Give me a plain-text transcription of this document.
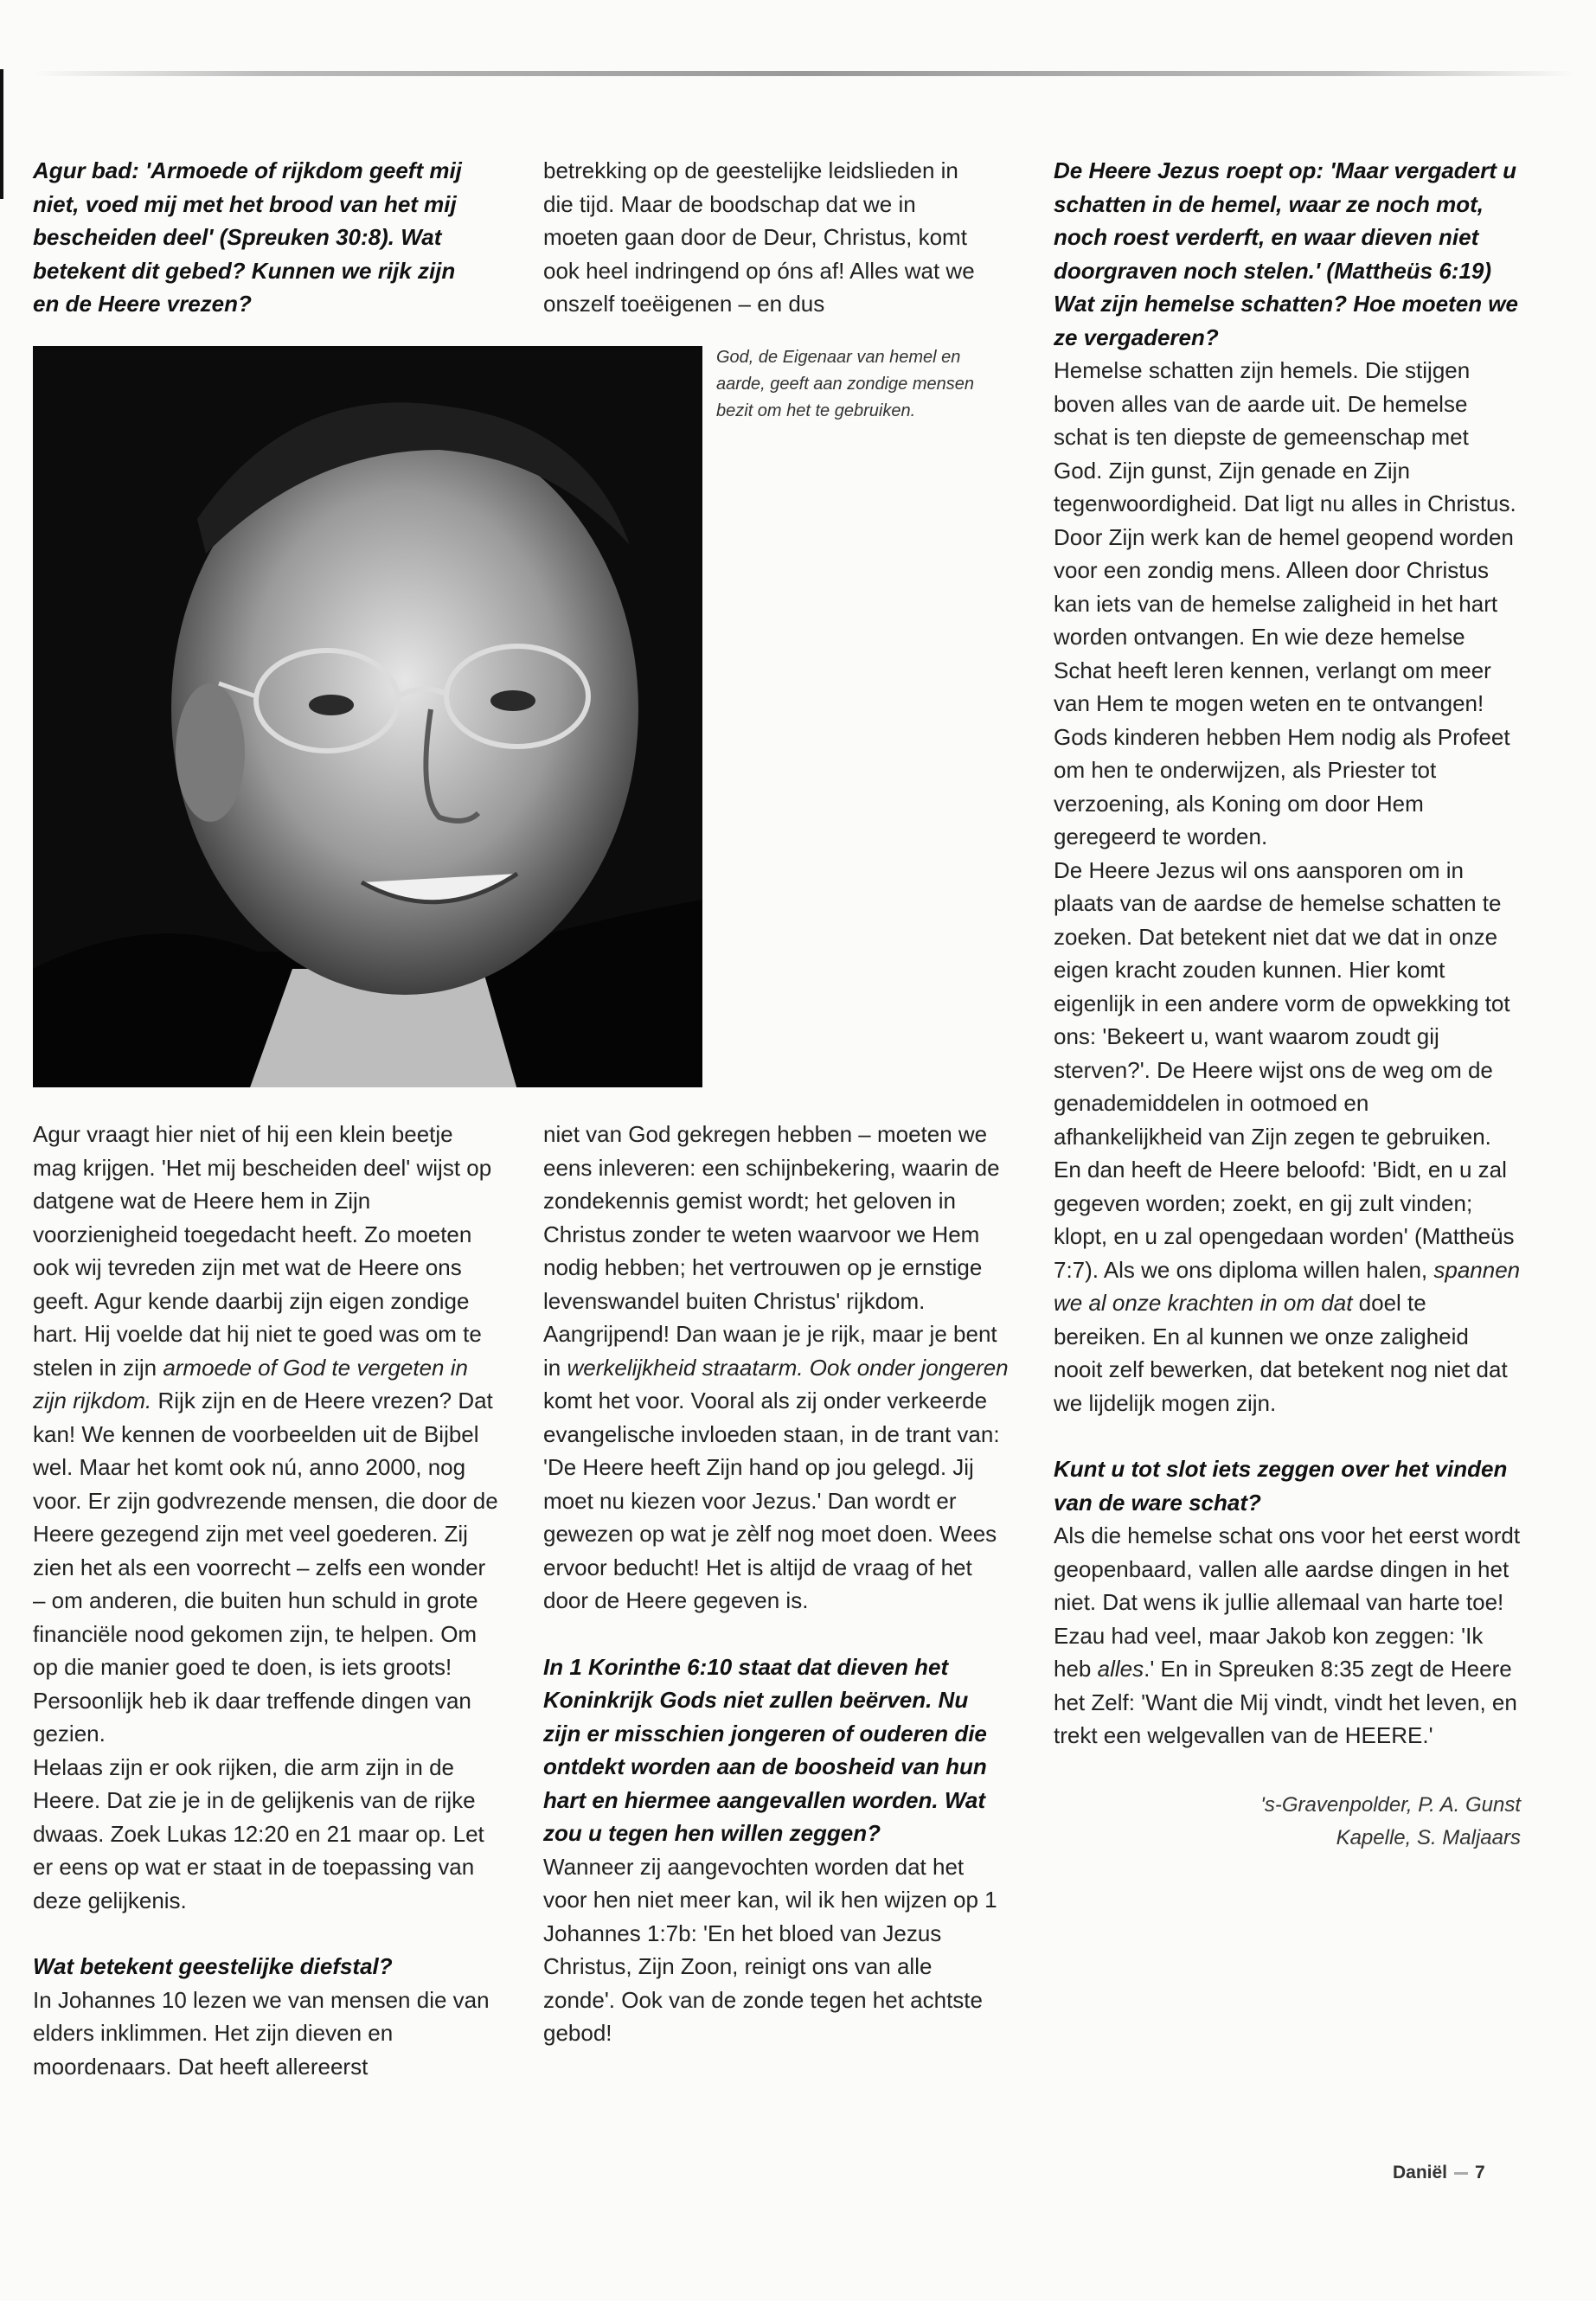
Agur bad: 'Armoede of rijkdom geeft mij niet, voed mij met het brood van het mij bescheiden deel' (Spreuken 30:8). Wat betekent dit gebed? Kunnen we rijk zijn en de Heere vrezen?

betrekking op de geestelijke leidslieden in die tijd. Maar de boodschap dat we in moeten gaan door de Deur, Christus, komt ook heel indringend op óns af! Alles wat we onszelf toeëigenen – en dus

God, de Eigenaar van hemel en aarde, geeft aan zondige mensen bezit om het te gebruiken.

Agur vraagt hier niet of hij een klein beetje mag krijgen. 'Het mij bescheiden deel' wijst op datgene wat de Heere hem in Zijn voorzienigheid toegedacht heeft. Zo moeten ook wij tevreden zijn met wat de Heere ons geeft. Agur kende daarbij zijn eigen zondige hart. Hij voelde dat hij niet te goed was om te stelen in zijn armoede of God te vergeten in zijn rijkdom. Rijk zijn en de Heere vrezen? Dat kan! We kennen de voorbeelden uit de Bijbel wel. Maar het komt ook nú, anno 2000, nog voor. Er zijn godvrezende mensen, die door de Heere gezegend zijn met veel goederen. Zij zien het als een voorrecht – zelfs een wonder – om anderen, die buiten hun schuld in grote financiële nood gekomen zijn, te helpen. Om op die manier goed te doen, is iets groots! Persoonlijk heb ik daar treffende dingen van gezien.

Helaas zijn er ook rijken, die arm zijn in de Heere. Dat zie je in de gelijkenis van de rijke dwaas. Zoek Lukas 12:20 en 21 maar op. Let er eens op wat er staat in de toepassing van deze gelijkenis.

Wat betekent geestelijke diefstal?

In Johannes 10 lezen we van mensen die van elders inklimmen. Het zijn dieven en moordenaars. Dat heeft allereerst

niet van God gekregen hebben – moeten we eens inleveren: een schijnbekering, waarin de zondekennis gemist wordt; het geloven in Christus zonder te weten waarvoor we Hem nodig hebben; het vertrouwen op je ernstige levenswandel buiten Christus' rijkdom. Aangrijpend! Dan waan je je rijk, maar je bent in werkelijkheid straatarm. Ook onder jongeren komt het voor. Vooral als zij onder verkeerde evangelische invloeden staan, in de trant van: 'De Heere heeft Zijn hand op jou gelegd. Jij moet nu kiezen voor Jezus.' Dan wordt er gewezen op wat je zèlf nog moet doen. Wees ervoor beducht! Het is altijd de vraag of het door de Heere gegeven is.

In 1 Korinthe 6:10 staat dat dieven het Koninkrijk Gods niet zullen beërven. Nu zijn er misschien jongeren of ouderen die ontdekt worden aan de boosheid van hun hart en hiermee aangevallen worden. Wat zou u tegen hen willen zeggen?

Wanneer zij aangevochten worden dat het voor hen niet meer kan, wil ik hen wijzen op 1 Johannes 1:7b: 'En het bloed van Jezus Christus, Zijn Zoon, reinigt ons van alle zonde'. Ook van de zonde tegen het achtste gebod!

De Heere Jezus roept op: 'Maar vergadert u schatten in de hemel, waar ze noch mot, noch roest verderft, en waar dieven niet doorgraven noch stelen.' (Mattheüs 6:19) Wat zijn hemelse schatten? Hoe moeten we ze vergaderen?

Hemelse schatten zijn hemels. Die stijgen boven alles van de aarde uit. De hemelse schat is ten diepste de gemeenschap met God. Zijn gunst, Zijn genade en Zijn tegenwoordigheid. Dat ligt nu alles in Christus. Door Zijn werk kan de hemel geopend worden voor een zondig mens. Alleen door Christus kan iets van de hemelse zaligheid in het hart worden ontvangen. En wie deze hemelse Schat heeft leren kennen, verlangt om meer van Hem te mogen weten en te ontvangen! Gods kinderen hebben Hem nodig als Profeet om hen te onderwijzen, als Priester tot verzoening, als Koning om door Hem geregeerd te worden.

De Heere Jezus wil ons aansporen om in plaats van de aardse de hemelse schatten te zoeken. Dat betekent niet dat we dat in onze eigen kracht zouden kunnen. Hier komt eigenlijk in een andere vorm de opwekking tot ons: 'Bekeert u, want waarom zoudt gij sterven?'. De Heere wijst ons de weg om de genademiddelen in ootmoed en afhankelijkheid van Zijn zegen te gebruiken. En dan heeft de Heere beloofd: 'Bidt, en u zal gegeven worden; zoekt, en gij zult vinden; klopt, en u zal opengedaan worden' (Mattheüs 7:7). Als we ons diploma willen halen, spannen we al onze krachten in om dat doel te bereiken. En al kunnen we onze zaligheid nooit zelf bewerken, dat betekent nog niet dat we lijdelijk mogen zijn.

Kunt u tot slot iets zeggen over het vinden van de ware schat?

Als die hemelse schat ons voor het eerst wordt geopenbaard, vallen alle aardse dingen in het niet. Dat wens ik jullie allemaal van harte toe! Ezau had veel, maar Jakob kon zeggen: 'Ik heb alles.' En in Spreuken 8:35 zegt de Heere het Zelf: 'Want die Mij vindt, vindt het leven, en trekt een welgevallen van de HEERE.'

's-Gravenpolder, P. A. Gunst

Kapelle, S. Maljaars

Daniël 7
